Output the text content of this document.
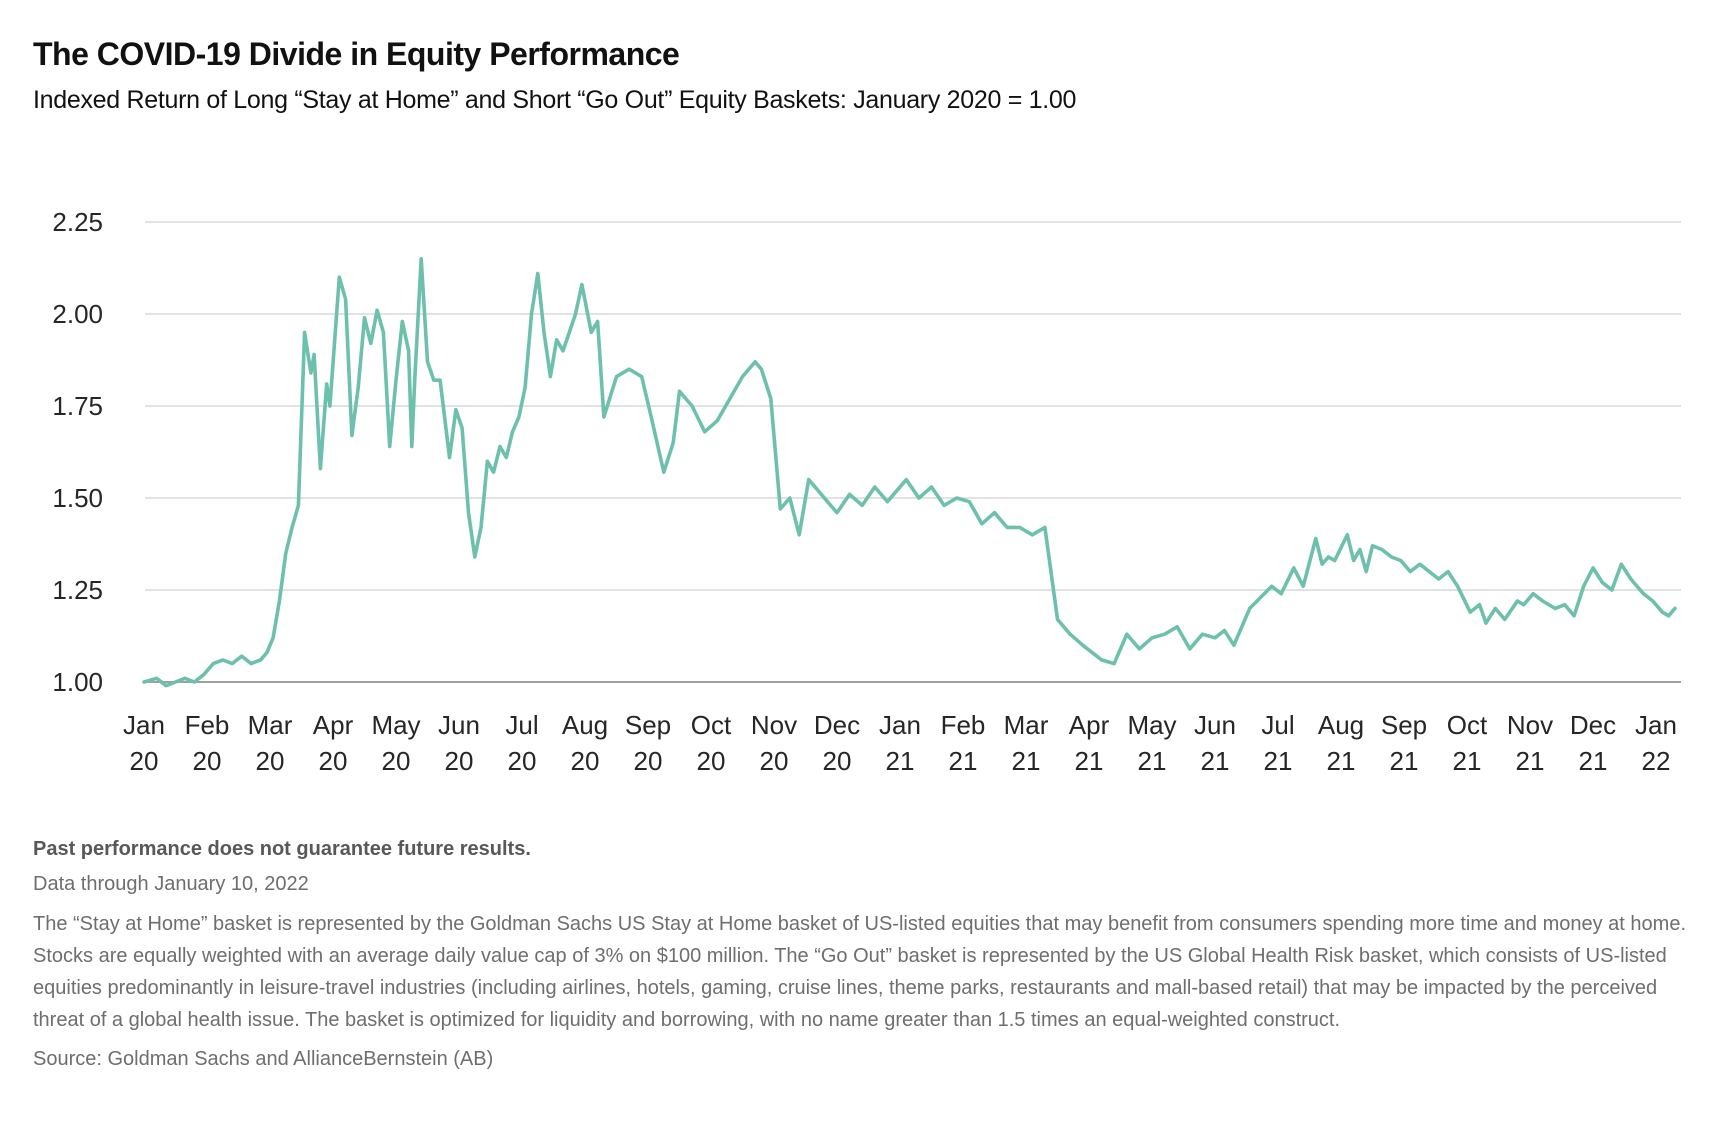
The COVID-19 Divide in Equity Performance
Indexed Return of Long “Stay at Home” and Short “Go Out” Equity Baskets: January 2020 = 1.00
1.00
1.25
1.50
1.75
2.00
2.25
Jan
20
Feb
20
Mar
20
Apr
20
May
20
Jun
20
Jul
20
Aug
20
Sep
20
Oct
20
Nov
20
Dec
20
Jan
21
Feb
21
Mar
21
Apr
21
May
21
Jun
21
Jul
21
Aug
21
Sep
21
Oct
21
Nov
21
Dec
21
Jan
22

Past performance does not guarantee future results.

Data through January 10, 2022

The “Stay at Home” basket is represented by the Goldman Sachs US Stay at Home basket of US-listed equities that may benefit from consumers spending more time and money at home. Stocks are equally weighted with an average daily value cap of 3% on $100 million. The “Go Out” basket is represented by the US Global Health Risk basket, which consists of US-listed equities predominantly in leisure-travel industries (including airlines, hotels, gaming, cruise lines, theme parks, restaurants and mall-based retail) that may be impacted by the perceived threat of a global health issue. The basket is optimized for liquidity and borrowing, with no name greater than 1.5 times an equal-weighted construct.

Source: Goldman Sachs and AllianceBernstein (AB)
